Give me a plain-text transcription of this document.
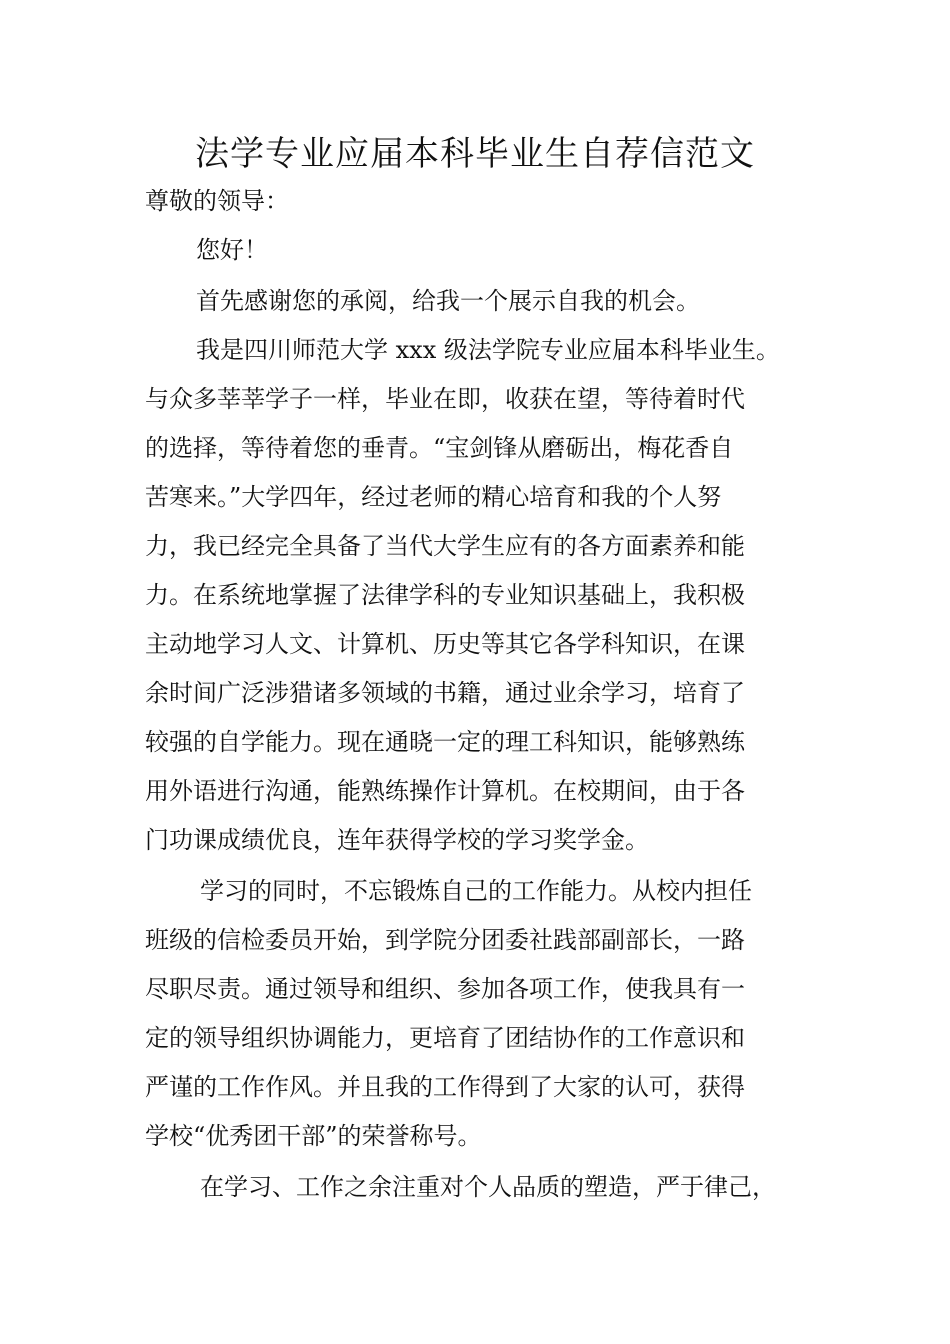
法学专业应届本科毕业生自荐信范文

尊敬的领导：

您好！

首先感谢您的承阅，给我一个展示自我的机会。

我是四川师范大学 xxx 级法学院专业应届本科毕业生。

与众多莘莘学子一样，毕业在即，收获在望，等待着时代

的选择，等待着您的垂青。“宝剑锋从磨砺出，梅花香自

苦寒来。”大学四年，经过老师的精心培育和我的个人努

力，我已经完全具备了当代大学生应有的各方面素养和能

力。在系统地掌握了法律学科的专业知识基础上，我积极

主动地学习人文、计算机、历史等其它各学科知识，在课

余时间广泛涉猎诸多领域的书籍，通过业余学习，培育了

较强的自学能力。现在通晓一定的理工科知识，能够熟练

用外语进行沟通，能熟练操作计算机。在校期间，由于各

门功课成绩优良，连年获得学校的学习奖学金。

学习的同时，不忘锻炼自己的工作能力。从校内担任

班级的信检委员开始，到学院分团委社践部副部长，一路

尽职尽责。通过领导和组织、参加各项工作，使我具有一

定的领导组织协调能力，更培育了团结协作的工作意识和

严谨的工作作风。并且我的工作得到了大家的认可，获得

学校“优秀团干部”的荣誉称号。

在学习、工作之余注重对个人品质的塑造，严于律己，
